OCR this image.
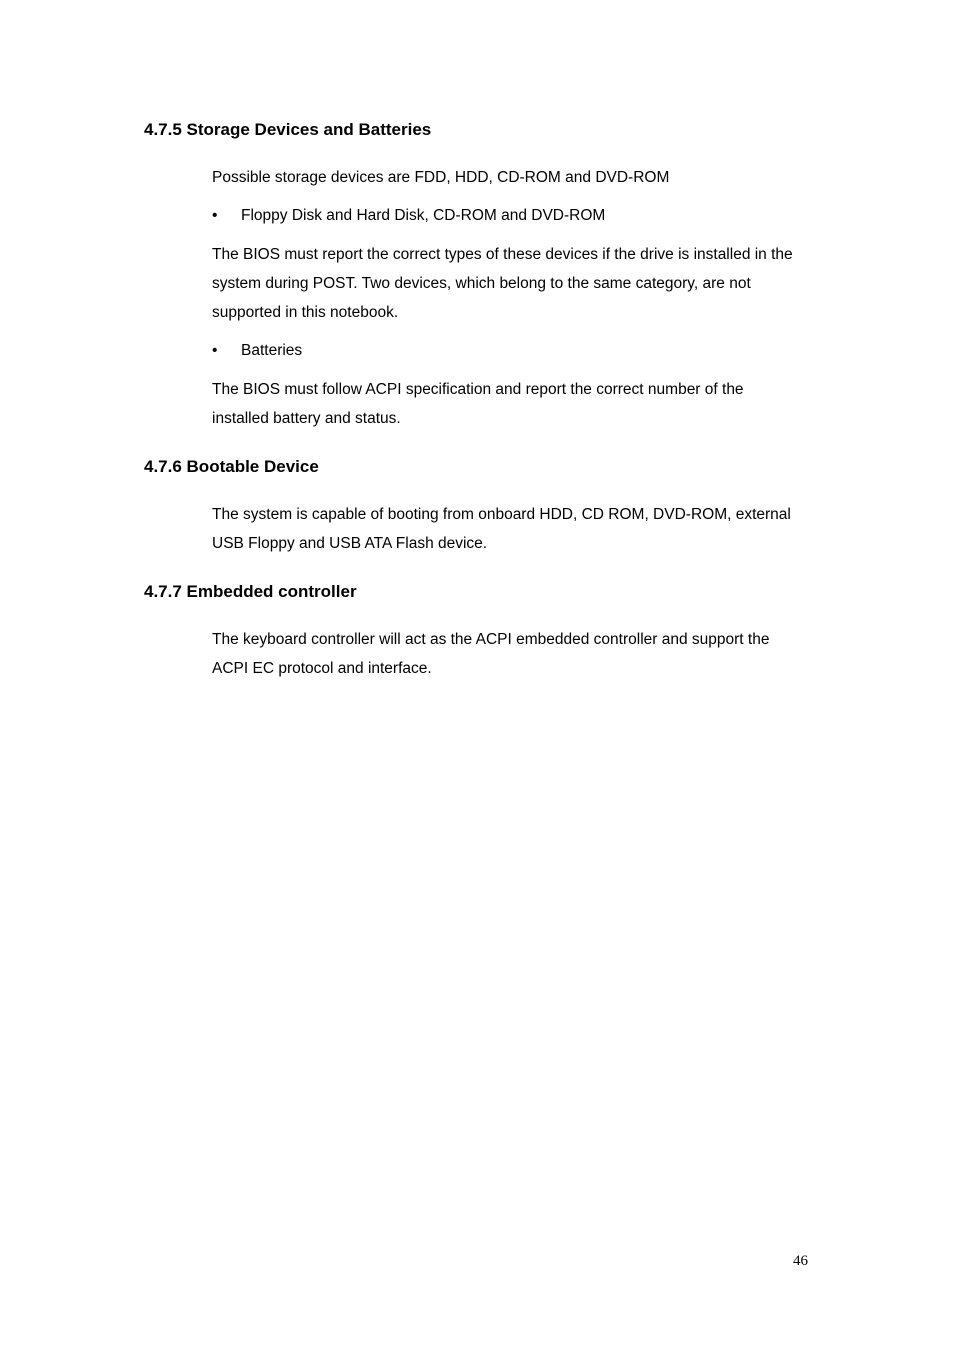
4.7.5 Storage Devices and Batteries

Possible storage devices are FDD, HDD, CD-ROM and DVD-ROM

•	Floppy Disk and Hard Disk, CD-ROM and DVD-ROM

The BIOS must report the correct types of these devices if the drive is installed in the
system during POST. Two devices, which belong to the same category, are not
supported in this notebook.

•	Batteries

The BIOS must follow ACPI specification and report the correct number of the
installed battery and status.

4.7.6 Bootable Device

The system is capable of booting from onboard HDD, CD ROM, DVD-ROM, external
USB Floppy and USB ATA Flash device.

4.7.7 Embedded controller

The keyboard controller will act as the ACPI embedded controller and support the
ACPI EC protocol and interface.

46
